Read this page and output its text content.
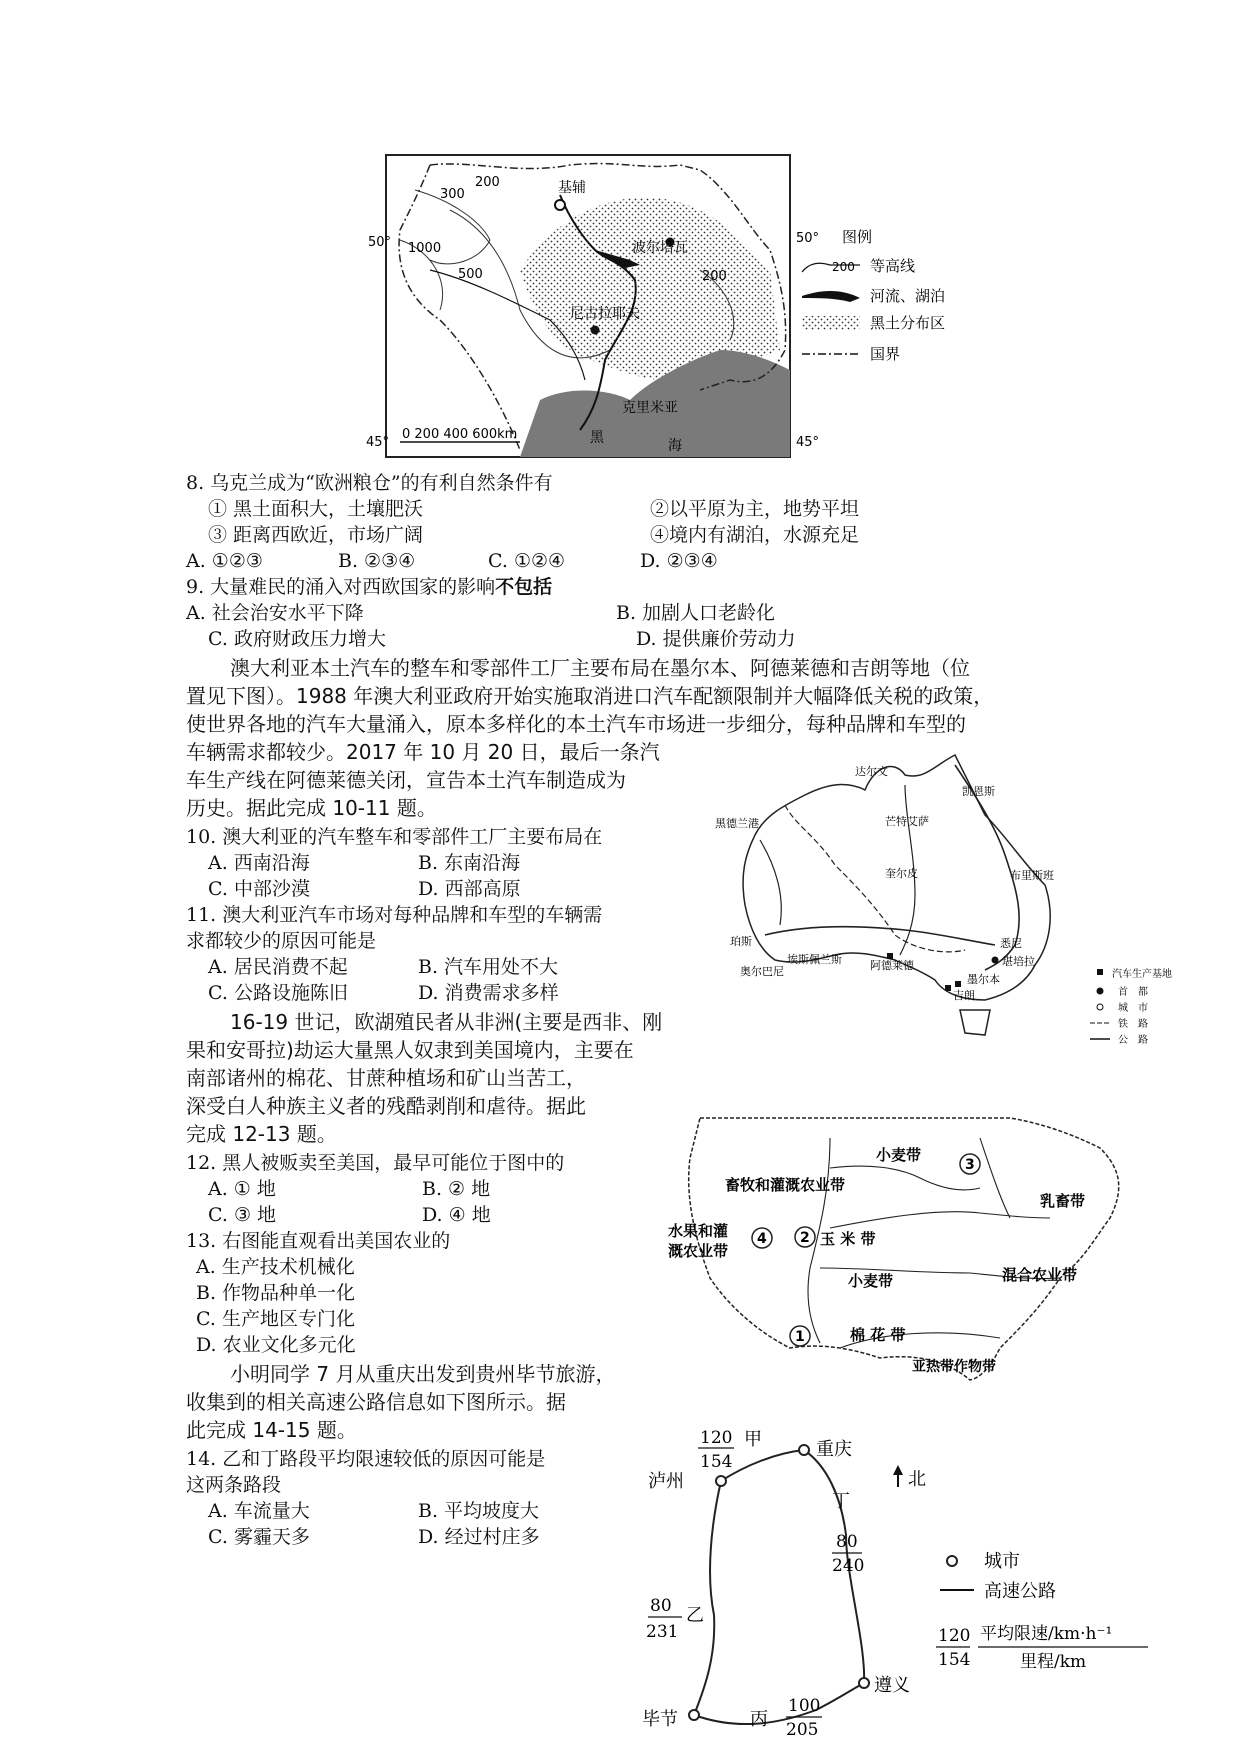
50°
45°
50°
45°
200
300
200
1000
500
基辅
波尔塔瓦
尼古拉耶夫
克里米亚
黑	海
0 200 400 600km
图例
200 等高线
河流、湖泊
黑土分布区
国界
8. 乌克兰成为“欧洲粮仓”的有利自然条件有
① 黑土面积大，土壤肥沃	②以平原为主，地势平坦
③ 距离西欧近，市场广阔	④境内有湖泊，水源充足
A. ①②③	B. ②③④	C. ①②④	D. ②③④
9. 大量难民的涌入对西欧国家的影响不包括
A. 社会治安水平下降	B. 加剧人口老龄化
C. 政府财政压力增大	D. 提供廉价劳动力
澳大利亚本土汽车的整车和零部件工厂主要布局在墨尔本、阿德莱德和吉朗等地（位
置见下图）。1988 年澳大利亚政府开始实施取消进口汽车配额限制并大幅降低关税的政策，
使世界各地的汽车大量涌入，原本多样化的本土汽车市场进一步细分，每种品牌和车型的
车辆需求都较少。2017 年 10 月 20 日，最后一条汽
车生产线在阿德莱德关闭，宣告本土汽车制造成为
历史。据此完成 10-11 题。
10. 澳大利亚的汽车整车和零部件工厂主要布局在
A. 西南沿海	B. 东南沿海
C. 中部沙漠	D. 西部高原
11. 澳大利亚汽车市场对每种品牌和车型的车辆需
求都较少的原因可能是
A. 居民消费不起	B. 汽车用处不大
C. 公路设施陈旧	D. 消费需求多样
达尔文
凯恩斯
黑德兰港	芒特艾萨
奎尔皮	布里斯班
珀斯
埃斯佩兰斯
奥尔巴尼	阿德莱德
悉尼
堪培拉
墨尔本
吉朗
汽车生产基地
首　都
城　市
铁　路
公　路
16-19 世记，欧湖殖民者从非洲(主要是西非、刚
果和安哥拉)劫运大量黑人奴隶到美国境内，主要在
南部诸州的棉花、甘蔗种植场和矿山当苦工，
深受白人种族主义者的残酷剥削和虐待。据此
完成 12-13 题。
12. 黑人被贩卖至美国，最早可能位于图中的
A. ① 地	B. ② 地
C. ③ 地	D. ④ 地
13. 右图能直观看出美国农业的
A. 生产技术机械化
B. 作物品种单一化
C. 生产地区专门化
D. 农业文化多元化	1
2
3
4
小麦带
畜牧和灌溉农业带
乳畜带
玉 米 带
水果和灌
溉农业带
小麦带	混合农业带
棉 花 带
亚热带作物带
小明同学 7 月从重庆出发到贵州毕节旅游，
收集到的相关高速公路信息如下图所示。据
此完成 14-15 题。
14. 乙和丁路段平均限速较低的原因可能是
这两条路段
A. 车流量大	B. 平均坡度大
C. 雾霾天多	D. 经过村庄多
重庆
泸州
遵义
毕节
甲
120
154
丁
80
240
乙
80
231
丙
100
205
北
城市
高速公路
120
154
平均限速/km·h⁻¹
里程/km
